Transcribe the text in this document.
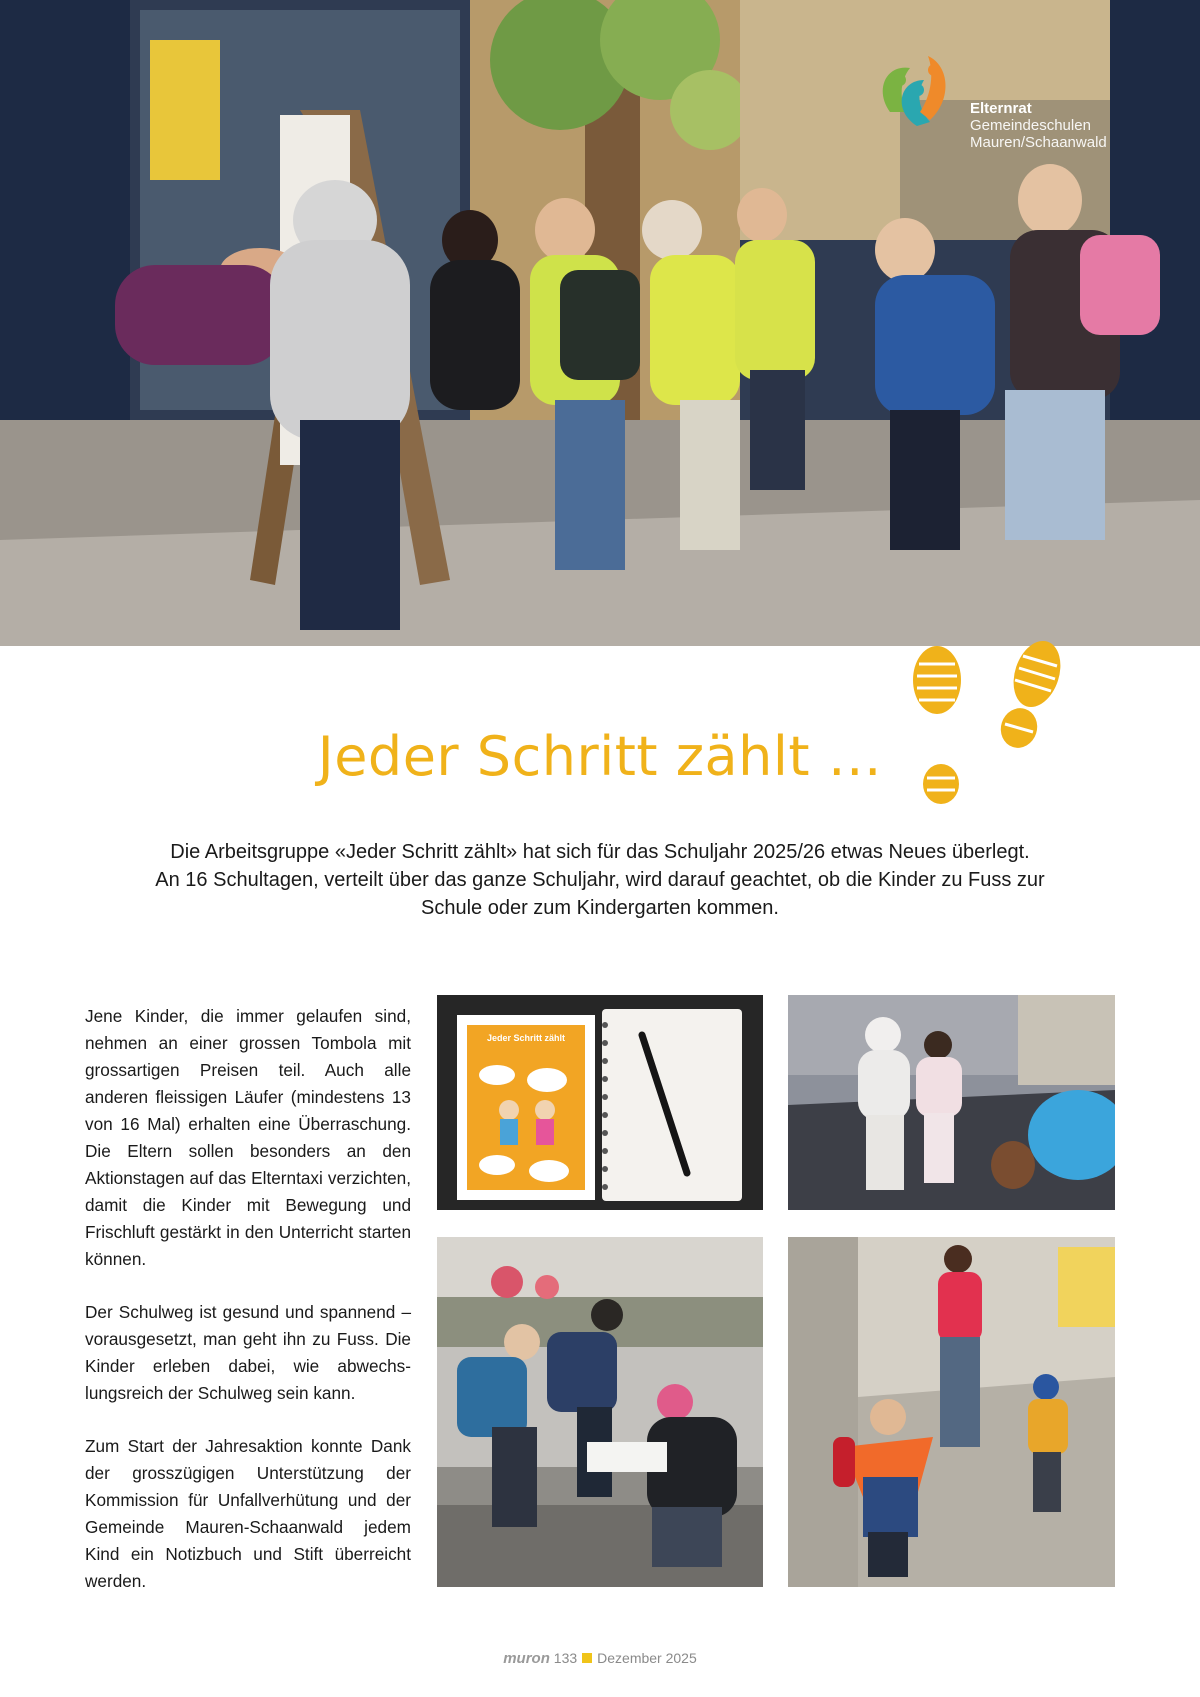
Elternrat
Gemeindeschulen
Mauren/Schaanwald
Jeder Schritt zählt …
Die Arbeitsgruppe «Jeder Schritt zählt» hat sich für das Schuljahr 2025/26 etwas Neues überlegt.
An 16 Schultagen, verteilt über das ganze Schuljahr, wird darauf geachtet, ob die Kinder zu Fuss zur
Schule oder zum Kindergarten kommen.

Jene Kinder, die immer gelaufen sind, nehmen an einer grossen Tombola mit grossartigen Preisen teil. Auch alle anderen fleissigen Läufer (mindestens 13 von 16 Mal) erhalten eine Überraschung. Die Eltern sollen besonders an den Aktionstagen auf das Elterntaxi verzichten, damit die Kinder mit Bewegung und Frischluft gestärkt in den Unterricht starten können.

Der Schulweg ist gesund und spannend – vorausgesetzt, man geht ihn zu Fuss. Die Kinder erleben dabei, wie abwechslungsreich der Schulweg sein kann.

Zum Start der Jahresaktion konnte Dank der grosszügigen Unterstützung der Kommission für Unfallverhütung und der Gemeinde Mauren-Schaanwald jedem Kind ein Notizbuch und Stift überreicht werden.

Jeder Schritt zählt
muron 133 Dezember 2025
